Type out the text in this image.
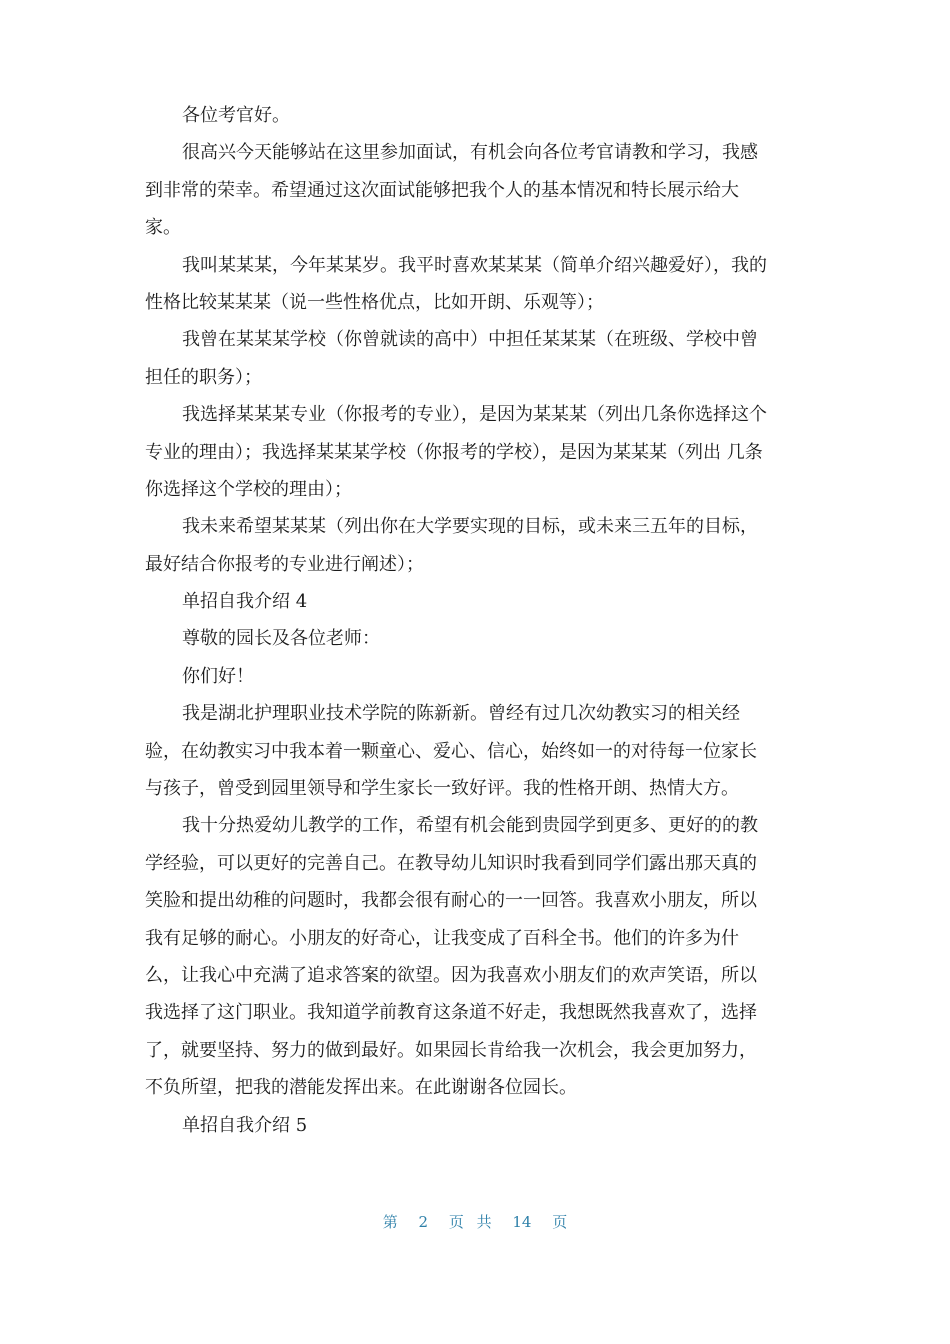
各位考官好。
很高兴今天能够站在这里参加面试，有机会向各位考官请教和学习，我感
到非常的荣幸。希望通过这次面试能够把我个人的基本情况和特长展示给大
家。
我叫某某某，今年某某岁。我平时喜欢某某某（简单介绍兴趣爱好），我的
性格比较某某某（说一些性格优点，比如开朗、乐观等）；
我曾在某某某学校（你曾就读的高中）中担任某某某（在班级、学校中曾
担任的职务）；
我选择某某某专业（你报考的专业），是因为某某某（列出几条你选择这个
专业的理由）；我选择某某某学校（你报考的学校），是因为某某某（列出 几条
你选择这个学校的理由）；
我未来希望某某某（列出你在大学要实现的目标，或未来三五年的目标，
最好结合你报考的专业进行阐述）；
单招自我介绍 4
尊敬的园长及各位老师：
你们好！
我是湖北护理职业技术学院的陈新新。曾经有过几次幼教实习的相关经
验，在幼教实习中我本着一颗童心、爱心、信心，始终如一的对待每一位家长
与孩子，曾受到园里领导和学生家长一致好评。我的性格开朗、热情大方。
我十分热爱幼儿教学的工作，希望有机会能到贵园学到更多、更好的的教
学经验，可以更好的完善自己。在教导幼儿知识时我看到同学们露出那天真的
笑脸和提出幼稚的问题时，我都会很有耐心的一一回答。我喜欢小朋友，所以
我有足够的耐心。小朋友的好奇心，让我变成了百科全书。他们的许多为什
么，让我心中充满了追求答案的欲望。因为我喜欢小朋友们的欢声笑语，所以
我选择了这门职业。我知道学前教育这条道不好走，我想既然我喜欢了，选择
了，就要坚持、努力的做到最好。如果园长肯给我一次机会，我会更加努力，
不负所望，把我的潜能发挥出来。在此谢谢各位园长。
单招自我介绍 5
第 2 页 共 14 页
